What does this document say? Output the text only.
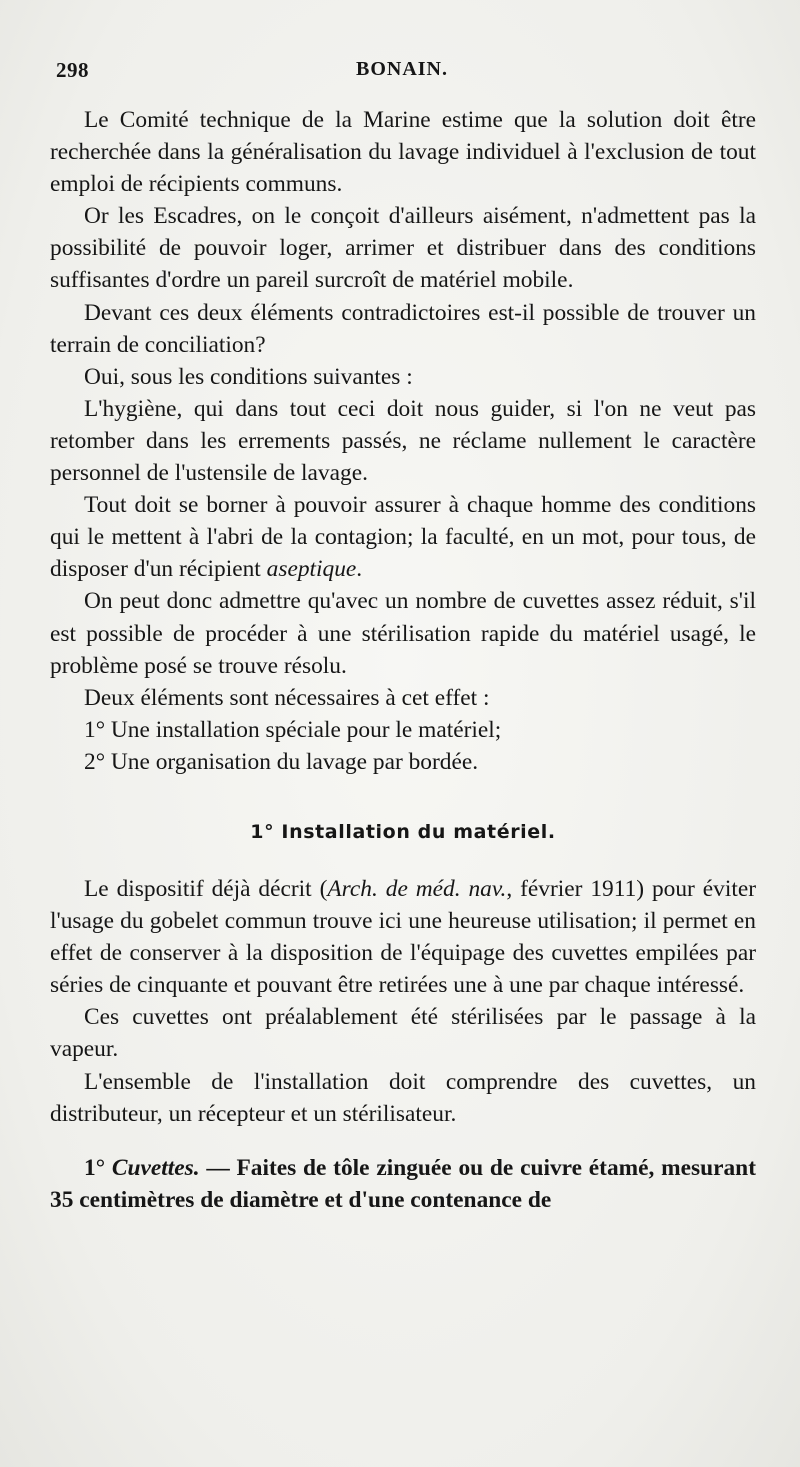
298	BONAIN.

Le Comité technique de la Marine estime que la solution doit être recherchée dans la généralisation du lavage individuel à l'exclusion de tout emploi de récipients communs.

Or les Escadres, on le conçoit d'ailleurs aisément, n'admettent pas la possibilité de pouvoir loger, arrimer et distribuer dans des conditions suffisantes d'ordre un pareil surcroît de matériel mobile.

Devant ces deux éléments contradictoires est-il possible de trouver un terrain de conciliation?

Oui, sous les conditions suivantes :

L'hygiène, qui dans tout ceci doit nous guider, si l'on ne veut pas retomber dans les errements passés, ne réclame nullement le caractère personnel de l'ustensile de lavage.

Tout doit se borner à pouvoir assurer à chaque homme des conditions qui le mettent à l'abri de la contagion; la faculté, en un mot, pour tous, de disposer d'un récipient aseptique.

On peut donc admettre qu'avec un nombre de cuvettes assez réduit, s'il est possible de procéder à une stérilisation rapide du matériel usagé, le problème posé se trouve résolu.

Deux éléments sont nécessaires à cet effet :

1° Une installation spéciale pour le matériel;

2° Une organisation du lavage par bordée.

1° Installation du matériel.

Le dispositif déjà décrit (Arch. de méd. nav., février 1911) pour éviter l'usage du gobelet commun trouve ici une heureuse utilisation; il permet en effet de conserver à la disposition de l'équipage des cuvettes empilées par séries de cinquante et pouvant être retirées une à une par chaque intéressé.

Ces cuvettes ont préalablement été stérilisées par le passage à la vapeur.

L'ensemble de l'installation doit comprendre des cuvettes, un distributeur, un récepteur et un stérilisateur.

1° Cuvettes. — Faites de tôle zinguée ou de cuivre étamé, mesurant 35 centimètres de diamètre et d'une contenance de
